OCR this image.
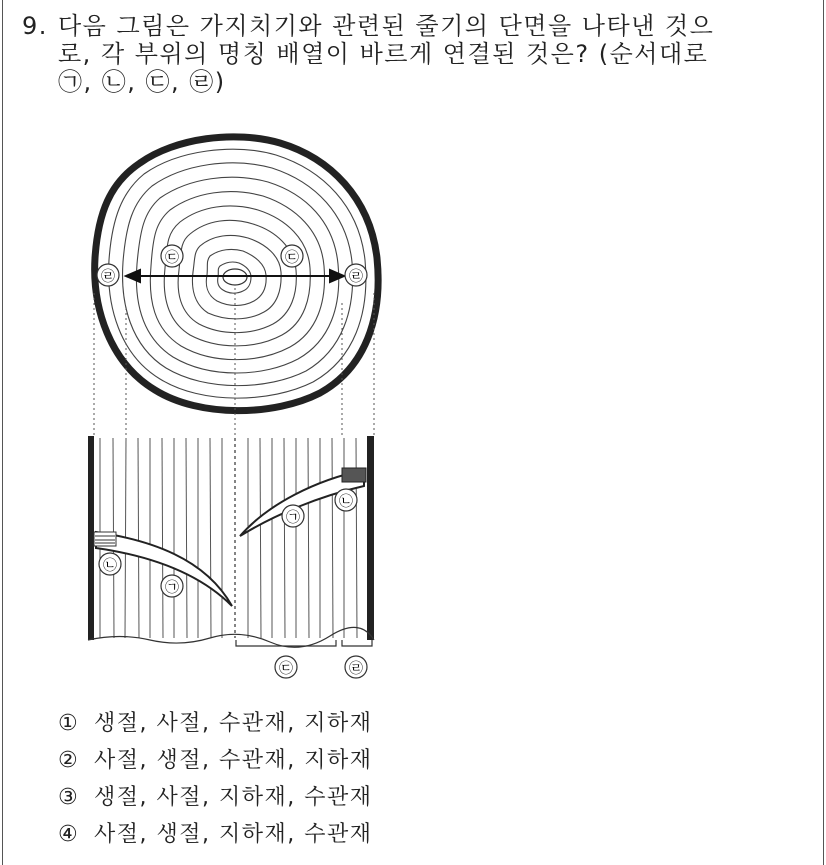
9. 다음 그림은 가지치기와 관련된 줄기의 단면을 나타낸 것으
로, 각 부위의 명칭 배열이 바르게 연결된 것은? (순서대로
㉠, ㉡, ㉢, ㉣)
㉣	㉣
㉢	㉢
㉡
㉠
㉠
㉡
㉢	㉣
① 생절, 사절, 수관재, 지하재
② 사절, 생절, 수관재, 지하재
③ 생절, 사절, 지하재, 수관재
④ 사절, 생절, 지하재, 수관재
